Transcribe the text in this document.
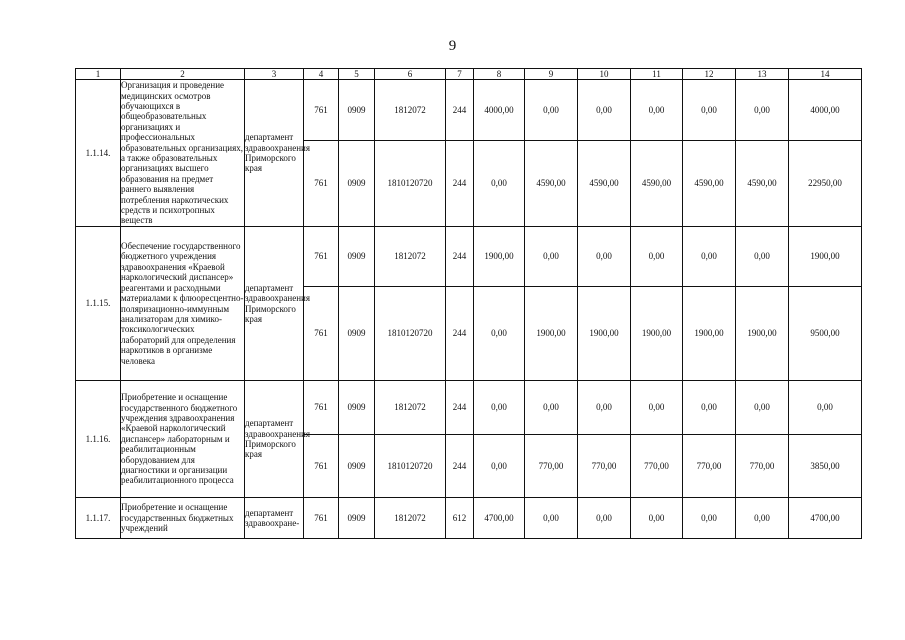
9
1	2	3	4	5	6	7	8	9	10	11	12	13	14
1.1.14.	Организация и проведение медицинских осмотров обучающихся в общеобразовательных организациях и профессиональных образовательных организациях, а также образовательных организациях высшего образования на предмет раннего выявления потребления наркотических средств и психотропных веществ	департамент здравоохранения Приморского края	761	0909	1812072	244	4000,00	0,00	0,00	0,00	0,00	0,00	4000,00
			761	0909	1810120720	244	0,00	4590,00	4590,00	4590,00	4590,00	4590,00	22950,00
1.1.15.	Обеспечение государственного бюджетного учреждения здравоохранения «Краевой наркологический диспансер» реагентами и расходными материалами к флюоресцентно-поляризационно-иммунным анализаторам для химико-токсикологических лабораторий для определения наркотиков в организме человека	департамент здравоохранения Приморского края	761	0909	1812072	244	1900,00	0,00	0,00	0,00	0,00	0,00	1900,00
			761	0909	1810120720	244	0,00	1900,00	1900,00	1900,00	1900,00	1900,00	9500,00
1.1.16.	Приобретение и оснащение государственного бюджетного учреждения здравоохранения «Краевой наркологический диспансер» лабораторным и реабилитационным оборудованием для диагностики и организации реабилитационного процесса	департамент здравоохранения Приморского края	761	0909	1812072	244	0,00	0,00	0,00	0,00	0,00	0,00	0,00
			761	0909	1810120720	244	0,00	770,00	770,00	770,00	770,00	770,00	3850,00
1.1.17.	Приобретение и оснащение государственных бюджетных учреждений	департамент здравоохране-	761	0909	1812072	612	4700,00	0,00	0,00	0,00	0,00	0,00	4700,00
